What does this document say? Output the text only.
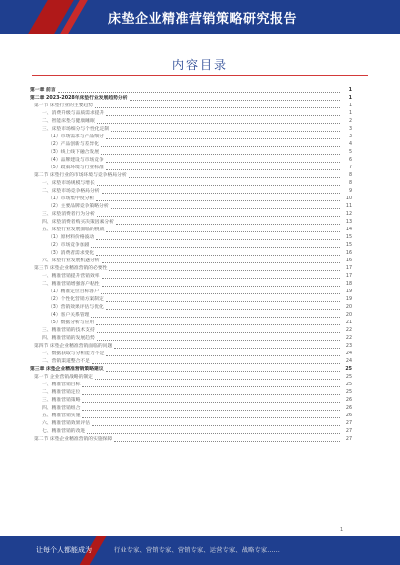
床垫企业精准营销策略研究报告
内容目录
第一章 前言	1
第二章 2023-2028年床垫行业发展趋势分析	1
第一节 床垫行业的主要趋势	1
一、消费升级与品质需求提升	1
二、智能床垫与健康睡眠	2
三、床垫市场细分与个性化定制	3
（1）市场需求与产品细分	3
（2）产品创新与差异化	4
（3）线上线下融合发展	5
（4）品牌建设与市场竞争	6
（5）政策环境与行业标准	7
第二节 床垫行业的市场环境与竞争格局分析	8
一、床垫市场规模与增长	8
二、床垫市场竞争格局分析	9
（1）市场集中度分析	10
（2）主要品牌竞争策略分析	11
三、床垫消费者行为分析	12
四、床垫消费者购买决策因素分析	13
五、床垫行业发展面临的挑战	14
（1）原材料价格波动	15
（2）市场竞争加剧	15
（3）消费者需求变化	16
六、床垫行业发展机遇分析	16
第三节 床垫企业精准营销的必要性	17
一、精准营销提升营销效率	17
二、精准营销增强客户粘性	18
（1）精准定位目标客户	19
（2）个性化营销方案制定	19
（3）营销效果评估与优化	20
（4）客户关系管理	20
（5）数据分析与应用	21
三、精准营销的技术支持	22
四、精准营销的发展趋势	22
第四节 床垫企业精准营销面临的问题	23
一、数据获取与分析能力不足	24
二、营销渠道整合不足	24
第三章 床垫企业精准营销策略建议	25
第一节 企业营销战略的制定	25
一、精准营销目标	25
二、精准营销定位	25
三、精准营销策略	26
四、精准营销组合	26
五、精准营销实施	26
六、精准营销效果评估	27
七、精准营销的改进	27
第二节 床垫企业精准营销的实施保障	27
1
让每个人都能成为	行业专家、营销专家、营销专家、运营专家、战略专家……
